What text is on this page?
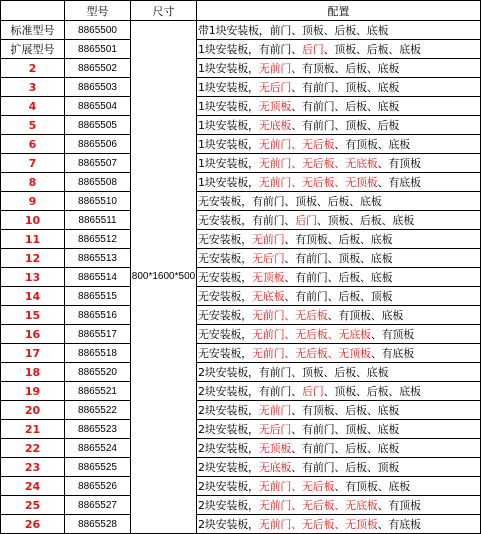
	型号	尺寸	配置
标准型号	8865500	800*1600*500	带1块安装板，前门、顶板、后板、底板
扩展型号	8865501		1块安装板，有前门、后门、顶板、后板、底板
2	8865502		1块安装板，无前门、有顶板、后板、底板
3	8865503		1块安装板，无后门、有前门、顶板、底板
4	8865504		1块安装板，无顶板、有前门、后板、底板
5	8865505		1块安装板，无底板、有前门、顶板、后板
6	8865506		1块安装板，无前门、无后板、有顶板、底板
7	8865507		1块安装板，无前门、无后板、无底板、有顶板
8	8865508		1块安装板，无前门、无后板、无顶板、有底板
9	8865510		无安装板，有前门、顶板、后板、底板
10	8865511		无安装板，有前门、后门、顶板、后板、底板
11	8865512		无安装板，无前门、有顶板、后板、底板
12	8865513		无安装板，无后门、有前门、顶板、底板
13	8865514		无安装板，无顶板、有前门、后板、底板
14	8865515		无安装板，无底板、有前门、后板、顶板
15	8865516		无安装板，无前门、无后板、有顶板、底板
16	8865517		无安装板，无前门、无后板、无底板、有顶板
17	8865518		无安装板，无前门、无后板、无顶板、有底板
18	8865520		2块安装板，有前门、顶板、后板、底板
19	8865521		2块安装板，有前门、后门、顶板、后板、底板
20	8865522		2块安装板，无前门、有顶板、后板、底板
21	8865523		2块安装板，无后门、有前门、顶板、底板
22	8865524		2块安装板，无顶板、有前门、后板、底板
23	8865525		2块安装板，无底板、有前门、后板、顶板
24	8865526		2块安装板，无前门、无后板、有顶板、底板
25	8865527		2块安装板，无前门、无后板、无底板、有顶板
26	8865528		2块安装板，无前门、无后板、无顶板、有底板
